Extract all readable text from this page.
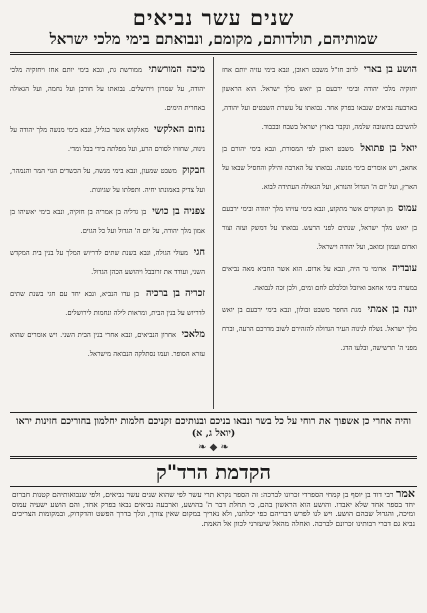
שנים עשר נביאים
שמותיהם, תולדותם, מקומם, ונבואתם בימי מלכי ישראל
הושע בן בארי לרוב חז"ל משבט ראובן, ונבא בימי עזיה יותם אחז יחזקיה מלכי יהודה ובימי ירבעם בן יואש מלך ישראל. הוא הראשון בארבעה נביאים שנבאו בפרק אחד. נבואתו על עשרת השבטים ועל יהודה, להשיבם בתשובה שלמה, ונקבר בארץ ישראל בשבח ובכבוד.
יואל בן פתואל משבט ראובן לפי המסורת, ונבא בימי יהורם בן אחאב, ויש אומרים בימי מנשה. נבואתו על הארבה והילק והחסיל שבאו על הארץ, ועל יום ה' הגדול והנורא, ועל הגאולה העתידה לבוא.
עמוס מן הנוקדים אשר מתקוע, ונבא בימי עזיהו מלך יהודה ובימי ירבעם בן יואש מלך ישראל, שנתים לפני הרעש. נבואתו על דמשק ועזה וצור ואדום ועמון ומואב, ועל יהודה וישראל.
עובדיה אדומי גר היה, ונבא על אדום. הוא אשר החביא מאה נביאים במערה בימי אחאב ואיזבל וכלכלם לחם ומים, ולכן זכה לנבואה.
יונה בן אמתי מגת החפר משבט זבולון, ונבא בימי ירבעם בן יואש מלך ישראל. נשלח לנינוה העיר הגדולה להזהירם לשוב מדרכם הרעה, וברח מפני ה' תרשישה, ובלעו הדג.
מיכה המורשתי ממורשת גת, ונבא בימי יותם אחז ויחזקיה מלכי יהודה, על שמרון וירושלים. נבואתו על חורבן ועל נחמה, ועל הגאולה באחרית הימים.
נחום האלקשי מאלקוש אשר בגליל, ונבא בימי מנשה מלך יהודה על נינוה, שחזרו לסורם הרע, ועל מפלתה בידי בבל ומדי.
חבקוק משבט שמעון, ונבא בימי מנשה, על הכשדים הגוי המר והנמהר, ועל צדיק באמונתו יחיה. ותפלתו על שגיונות.
צפניה בן כושי בן גדליה בן אמריה בן חזקיה, ונבא בימי יאשיהו בן אמון מלך יהודה, על יום ה' הגדול ועל כל הגוים.
חגי מעולי הגולה, ונבא בשנת שתים לדריוש המלך על בנין בית המקדש השני, ועודד את זרובבל ויהושע הכהן הגדול.
זכריה בן ברכיה בן עדו הנביא, ונבא יחד עם חגי בשנת שתים לדריוש על בנין הבית, ומראות לילה ונחמות לירושלים.
מלאכי אחרון הנביאים, ונבא אחרי בנין הבית השני. ויש אומרים שהוא עזרא הסופר. ועמו נסתלקה הנבואה מישראל.
והיה אחרי כן אשפוך את רוחי על כל בשר ונבאו בניכם ובנותיכם זקניכם חלמות יחלמון בחוריכם חזינות יראו (יואל ג, א)
❧ ◆ ❧
הקדמת הרד"ק
אמר רבי דוד בן יוסף בן קמחי הספרדי זכרונו לברכה: זה הספר נקרא תרי עשר לפי שהוא שנים עשר נביאים, ולפי שנבואותיהם קטנות חברום יחד בספר אחד שלא יאבדו. והושע הוא הראשון בהם, כי תחלת דבר ה' בהושע, וארבעה נביאים נבאו בפרק אחד, והם הושע ישעיה עמוס ומיכה, והגדול שבהם הושע. ויש לנו לפרש דבריהם כפי יכלתנו, ולא נאריך במקום שאין צורך, ונלך בדרך הפשט והדקדוק, ובמקומות הצריכים נביא גם דברי רבותינו זכרונם לברכה. ואחלה מהאל שיעזרני לכוון אל האמת.
